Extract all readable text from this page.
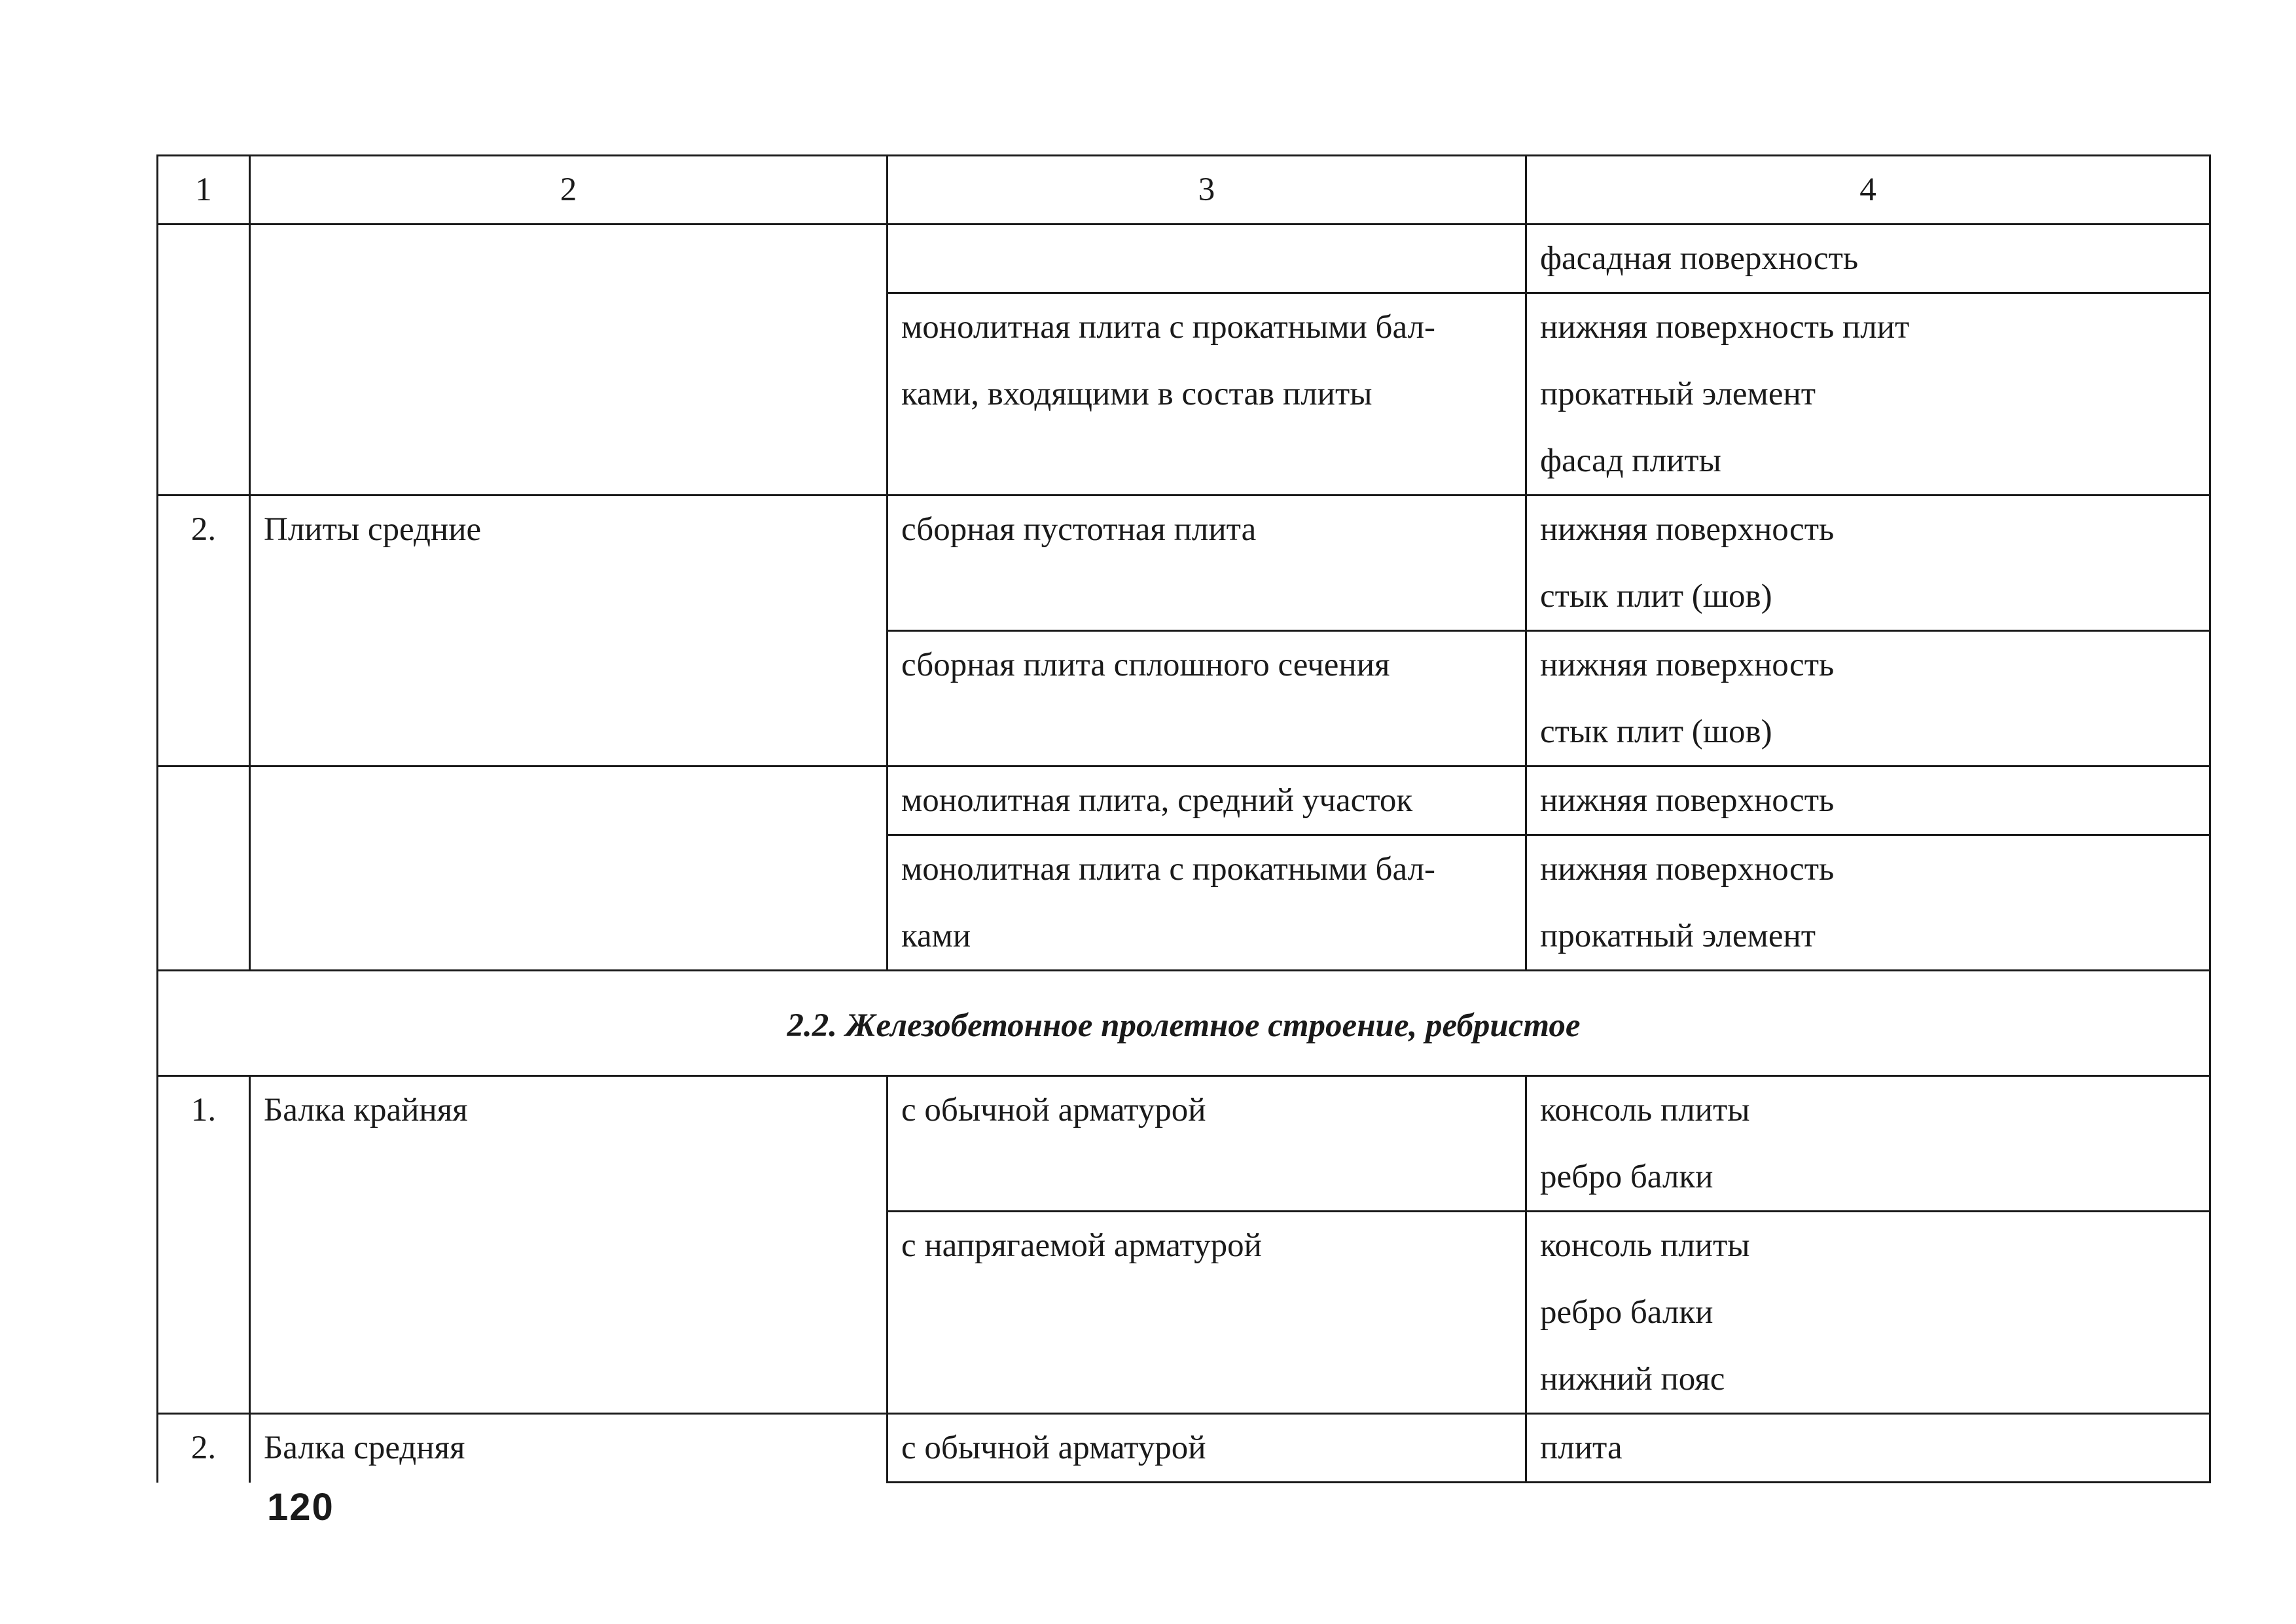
1	2	3	4

			фасадная поверхность

		монолитная плита с прокатными бал-
ками, входящими в состав плиты	нижняя поверхность плит
прокатный элемент
фасад плиты

2.	Плиты средние	сборная пустотная плита	нижняя поверхность
стык плит (шов)

		сборная плита сплошного сечения	нижняя поверхность
стык плит (шов)

		монолитная плита, средний участок	нижняя поверхность

		монолитная плита с прокатными бал-
ками	нижняя поверхность
прокатный элемент

2.2. Железобетонное пролетное строение, ребристое			

1.	Балка крайняя	с обычной арматурой	консоль плиты
ребро балки

		с напрягаемой арматурой	консоль плиты
ребро балки
нижний пояс

2.	Балка средняя	с обычной арматурой	плита
120
